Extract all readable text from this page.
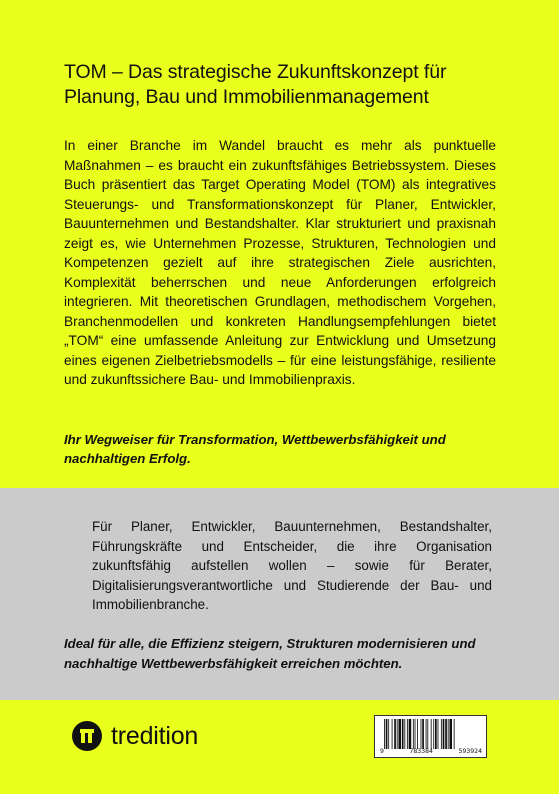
TOM – Das strategische Zukunftskonzept für Planung, Bau und Immobilienmanagement

In einer Branche im Wandel braucht es mehr als punktuelle Maßnahmen – es braucht ein zukunftsfähiges Betriebssystem. Dieses Buch präsentiert das Target Operating Model (TOM) als integratives Steuerungs- und Transformationskonzept für Planer, Entwickler, Bauunternehmen und Bestandshalter. Klar strukturiert und praxisnah zeigt es, wie Unternehmen Prozesse, Strukturen, Technologien und Kompetenzen gezielt auf ihre strategischen Ziele ausrichten, Komplexität beherrschen und neue Anforderungen erfolgreich integrieren. Mit theoretischen Grundlagen, methodischem Vorgehen, Branchenmodellen und konkreten Handlungsempfehlungen bietet „TOM“ eine umfassende Anleitung zur Entwicklung und Umsetzung eines eigenen Zielbetriebsmodells – für eine leistungsfähige, resiliente und zukunftssichere Bau- und Immobilienpraxis.

Ihr Wegweiser für Transformation, Wettbewerbsfähigkeit und nachhaltigen Erfolg.
Für Planer, Entwickler, Bauunternehmen, Bestandshalter, Führungskräfte und Entscheider, die ihre Organisation zukunftsfähig aufstellen wollen – sowie für Berater, Digitalisierungsverantwortliche und Studierende der Bau- und Immobilienbranche.
Ideal für alle, die Effizienz steigern, Strukturen modernisieren und nachhaltige Wettbewerbsfähigkeit erreichen möchten.
tredition
9	783384	593924
